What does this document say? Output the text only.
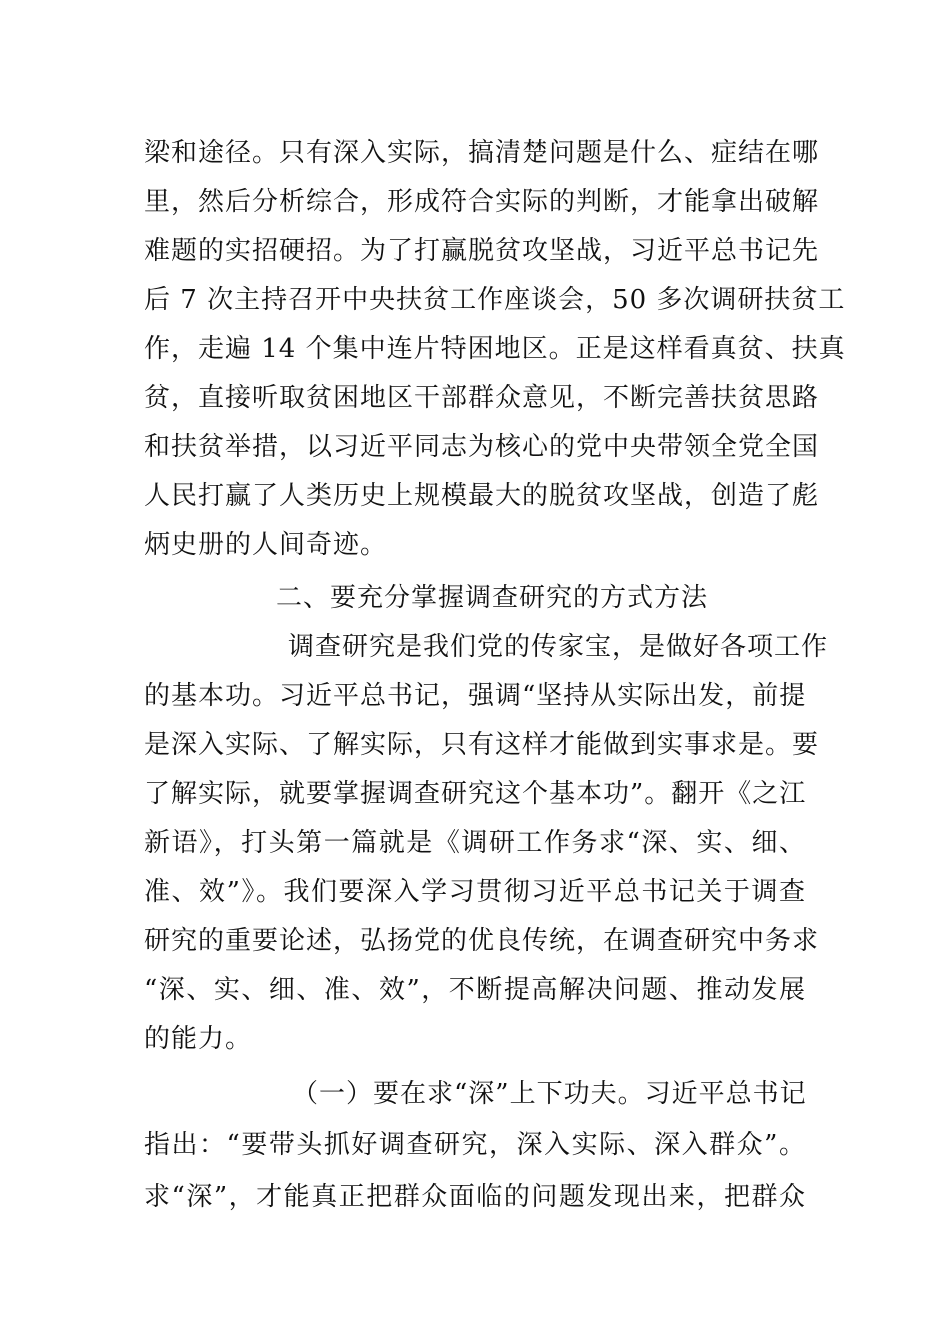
梁和途径。只有深入实际，搞清楚问题是什么、症结在哪
里，然后分析综合，形成符合实际的判断，才能拿出破解
难题的实招硬招。为了打赢脱贫攻坚战，习近平总书记先
后 7 次主持召开中央扶贫工作座谈会，50 多次调研扶贫工
作，走遍 14 个集中连片特困地区。正是这样看真贫、扶真
贫，直接听取贫困地区干部群众意见，不断完善扶贫思路
和扶贫举措，以习近平同志为核心的党中央带领全党全国
人民打赢了人类历史上规模最大的脱贫攻坚战，创造了彪
炳史册的人间奇迹。
二、要充分掌握调查研究的方式方法
调查研究是我们党的传家宝，是做好各项工作
的基本功。习近平总书记，强调“坚持从实际出发，前提
是深入实际、了解实际，只有这样才能做到实事求是。要
了解实际，就要掌握调查研究这个基本功”。翻开《之江
新语》，打头第一篇就是《调研工作务求“深、实、细、
准、效”》。我们要深入学习贯彻习近平总书记关于调查
研究的重要论述，弘扬党的优良传统，在调查研究中务求
“深、实、细、准、效”，不断提高解决问题、推动发展
的能力。
（一）要在求“深”上下功夫。习近平总书记
指出：“要带头抓好调查研究，深入实际、深入群众”。
求“深”，才能真正把群众面临的问题发现出来，把群众
